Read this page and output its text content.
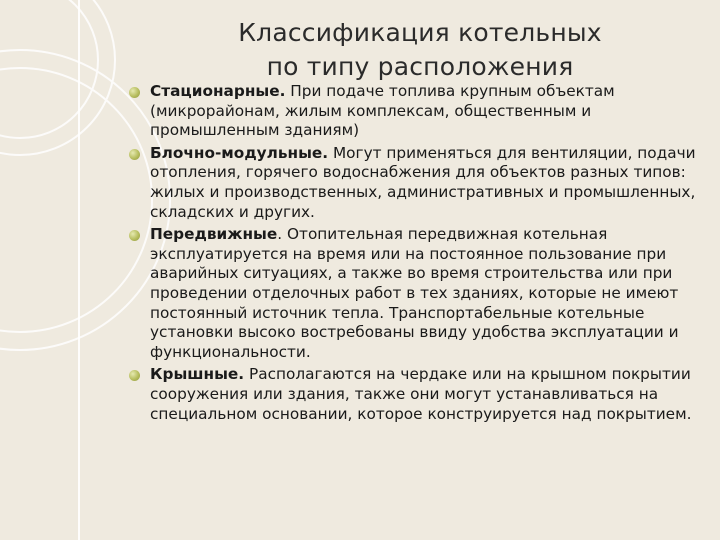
Классификация котельных
по типу расположения
Стационарные. При подаче топлива крупным объектам (микрорайонам, жилым комплексам, общественным и промышленным зданиям)
Блочно-модульные. Могут применяться для вентиляции, подачи отопления, горячего водоснабжения для объектов разных типов: жилых и производственных, административных и промышленных, складских и других.
Передвижные. Отопительная передвижная котельная эксплуатируется на время или на постоянное пользование при аварийных ситуациях, а также во время строительства или при проведении отделочных работ в тех зданиях, которые не имеют постоянный источник тепла. Транспортабельные котельные установки высоко востребованы ввиду удобства эксплуатации и функциональности.
Крышные. Располагаются на чердаке или на крышном покрытии сооружения или здания, также они могут устанавливаться на специальном основании, которое конструируется над покрытием.
